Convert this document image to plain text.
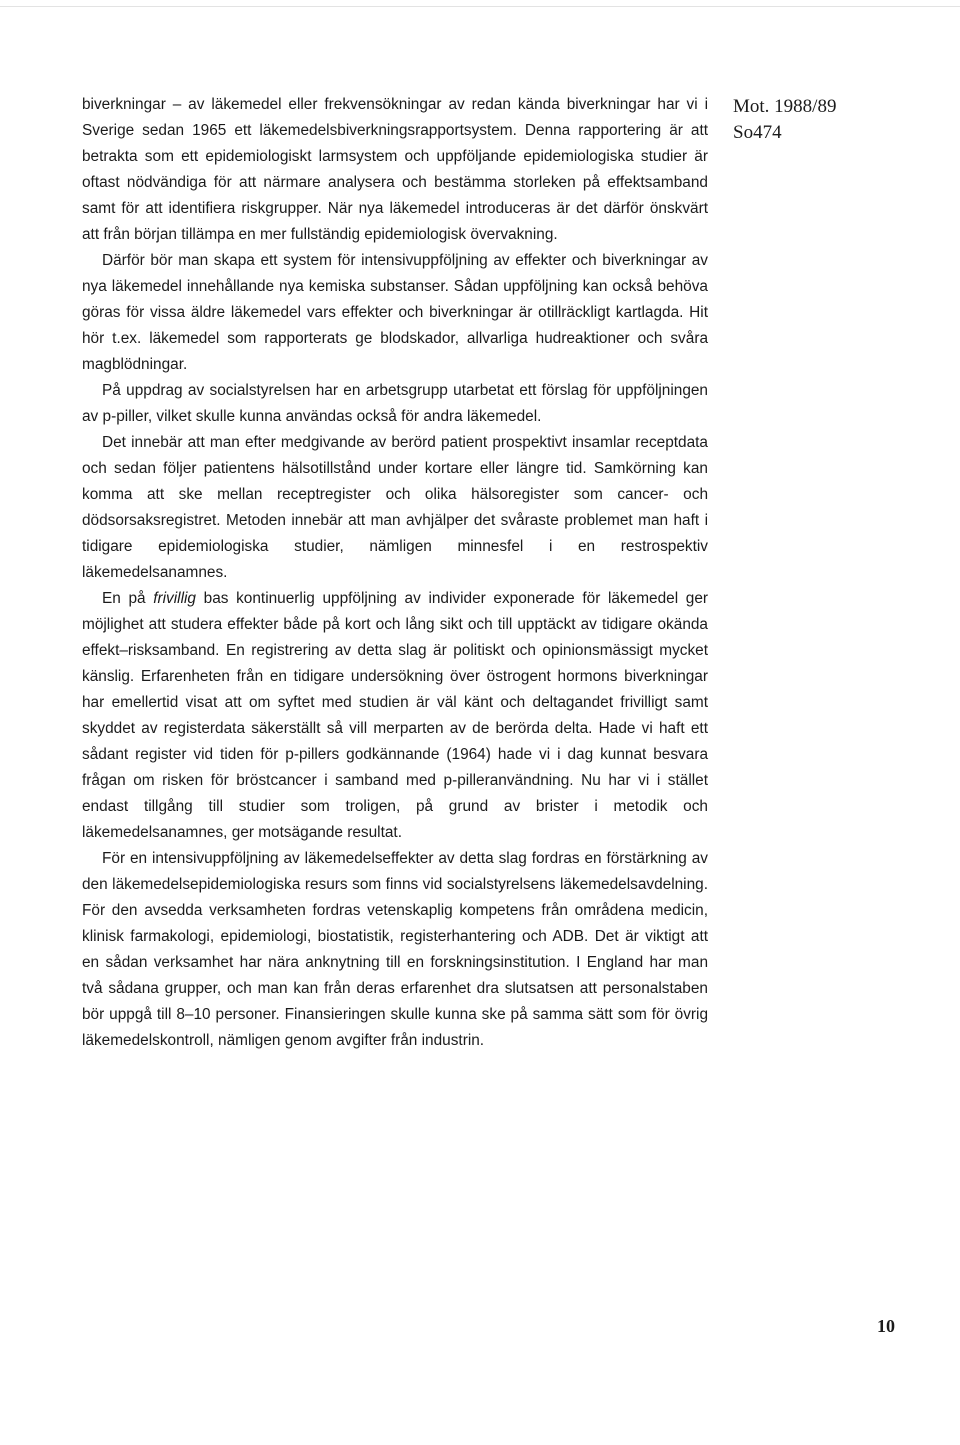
Mot. 1988/89
So474

biverkningar – av läkemedel eller frekvensökningar av redan kända biverkningar har vi i Sverige sedan 1965 ett läkemedelsbiverkningsrapportsystem. Denna rapportering är att betrakta som ett epidemiologiskt larmsystem och uppföljande epidemiologiska studier är oftast nödvändiga för att närmare analysera och bestämma storleken på effektsamband samt för att identifiera riskgrupper. När nya läkemedel introduceras är det därför önskvärt att från början tillämpa en mer fullständig epidemiologisk övervakning.

Därför bör man skapa ett system för intensivuppföljning av effekter och biverkningar av nya läkemedel innehållande nya kemiska substanser. Sådan uppföljning kan också behöva göras för vissa äldre läkemedel vars effekter och biverkningar är otillräckligt kartlagda. Hit hör t.ex. läkemedel som rapporterats ge blodskador, allvarliga hudreaktioner och svåra magblödningar.

På uppdrag av socialstyrelsen har en arbetsgrupp utarbetat ett förslag för uppföljningen av p-piller, vilket skulle kunna användas också för andra läkemedel.

Det innebär att man efter medgivande av berörd patient prospektivt insamlar receptdata och sedan följer patientens hälsotillstånd under kortare eller längre tid. Samkörning kan komma att ske mellan receptregister och olika hälsoregister som cancer- och dödsorsaksregistret. Metoden innebär att man avhjälper det svåraste problemet man haft i tidigare epidemiologiska studier, nämligen minnesfel i en restrospektiv läkemedelsanamnes.

En på frivillig bas kontinuerlig uppföljning av individer exponerade för läkemedel ger möjlighet att studera effekter både på kort och lång sikt och till upptäckt av tidigare okända effekt–risksamband. En registrering av detta slag är politiskt och opinionsmässigt mycket känslig. Erfarenheten från en tidigare undersökning över östrogent hormons biverkningar har emellertid visat att om syftet med studien är väl känt och deltagandet frivilligt samt skyddet av registerdata säkerställt så vill merparten av de berörda delta. Hade vi haft ett sådant register vid tiden för p-pillers godkännande (1964) hade vi i dag kunnat besvara frågan om risken för bröstcancer i samband med p-pilleranvändning. Nu har vi i stället endast tillgång till studier som troligen, på grund av brister i metodik och läkemedelsanamnes, ger motsägande resultat.

För en intensivuppföljning av läkemedelseffekter av detta slag fordras en förstärkning av den läkemedelsepidemiologiska resurs som finns vid socialstyrelsens läkemedelsavdelning. För den avsedda verksamheten fordras vetenskaplig kompetens från områdena medicin, klinisk farmakologi, epidemiologi, biostatistik, registerhantering och ADB. Det är viktigt att en sådan verksamhet har nära anknytning till en forskningsinstitution. I England har man två sådana grupper, och man kan från deras erfarenhet dra slutsatsen att personalstaben bör uppgå till 8–10 personer. Finansieringen skulle kunna ske på samma sätt som för övrig läkemedelskontroll, nämligen genom avgifter från industrin.

10
